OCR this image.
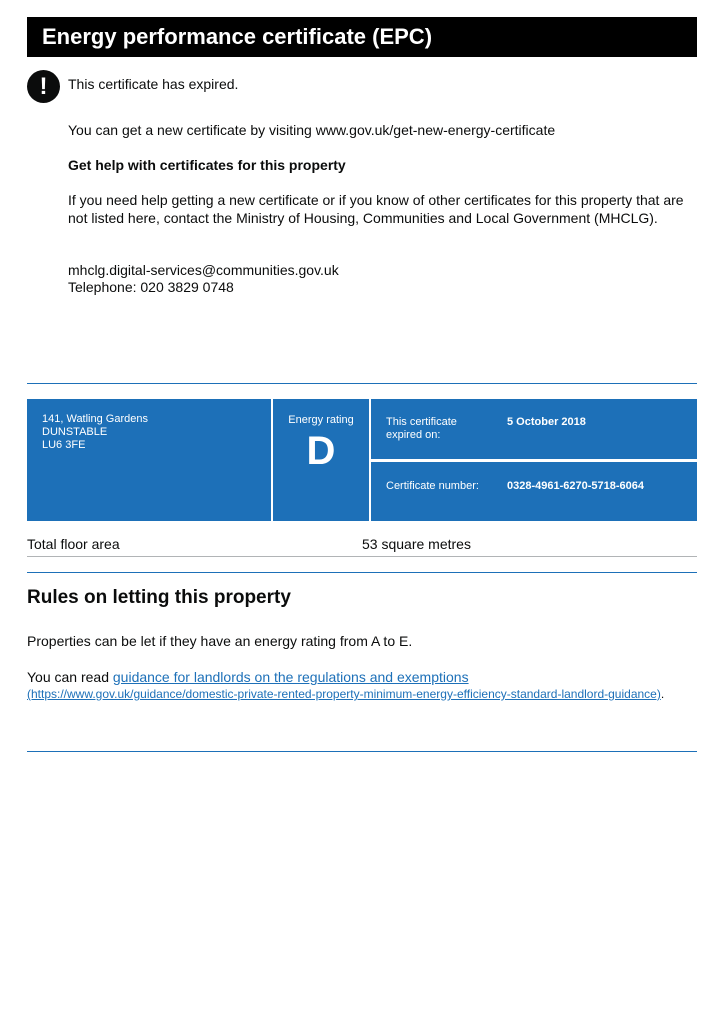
Energy performance certificate (EPC)
!	This certificate has expired.
You can get a new certificate by visiting www.gov.uk/get-new-energy-certificate
Get help with certificates for this property
If you need help getting a new certificate or if you know of other certificates for this property that are not listed here, contact the Ministry of Housing, Communities and Local Government (MHCLG).
mhclg.digital-services@communities.gov.uk
Telephone: 020 3829 0748
141, Watling Gardens
DUNSTABLE
LU6 3FE
Energy rating
D
This certificate expired on:
5 October 2018
Certificate number:	0328-4961-6270-5718-6064
Total floor area	53 square metres
Rules on letting this property
Properties can be let if they have an energy rating from A to E.
You can read guidance for landlords on the regulations and exemptions
(https://www.gov.uk/guidance/domestic-private-rented-property-minimum-energy-efficiency-standard-landlord-guidance).
